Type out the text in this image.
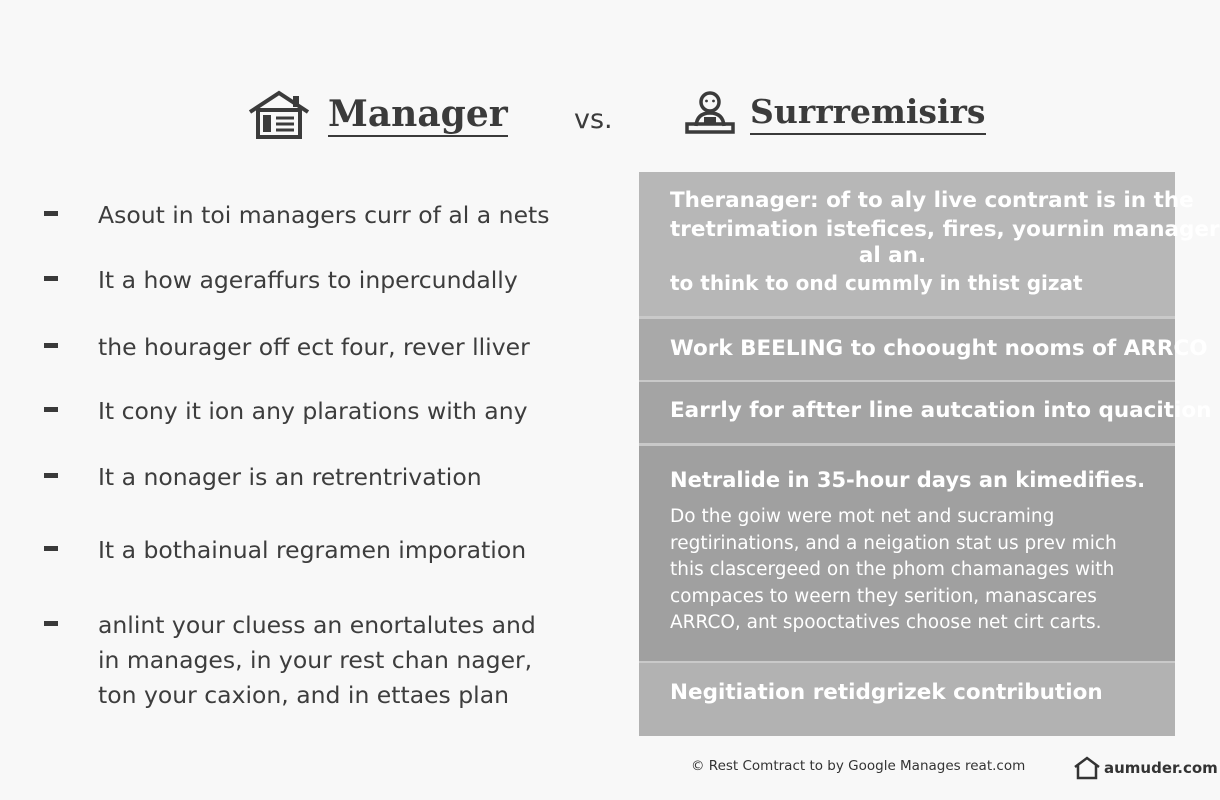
Manager vs.	Surrremisirs
Asout in toi managers curr of al a nets
It a how ageraffurs to inpercundally
the hourager off ect four, rever lliver
It cony it ion any plarations with any
It a nonager is an retrentrivation
It a bothainual regramen imporation
anlint your cluess an enortalutes and
in manages, in your rest chan nager,
ton your caxion, and in ettaes plan
Theranager: of to aly live contrant is in the
tretrimation istefices, fires, yournin manager
al an.
to think to ond cummly in thist gizat
Work BEELING to choought nooms of ARRCO
Earrly for aftter line autcation into quacition
Netralide in 35-hour days an kimedifies.
Do the goiw were mot net and sucraming
regtirinations, and a neigation stat us prev mich
this clascergeed on the phom chamanages with
compaces to weern they serition, manascares
ARRCO, ant spooctatives choose net cirt carts.
Negitiation retidgrizek contribution
© Rest Comtract to by Google Manages reat.com	aumuder.com
